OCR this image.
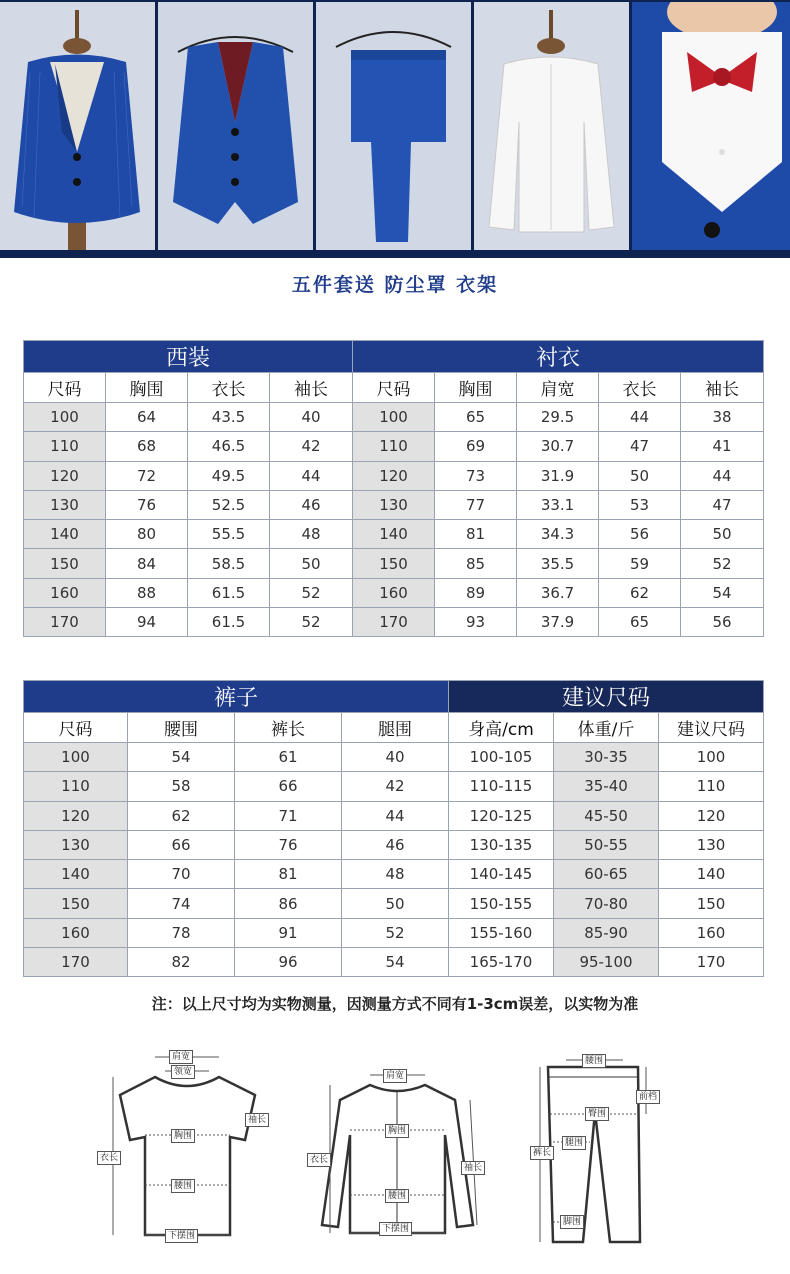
五件套送 防尘罩 衣架
西装				衬衣				
尺码	胸围	衣长	袖长	尺码	胸围	肩宽	衣长	袖长
100	64	43.5	40	100	65	29.5	44	38
110	68	46.5	42	110	69	30.7	47	41
120	72	49.5	44	120	73	31.9	50	44
130	76	52.5	46	130	77	33.1	53	47
140	80	55.5	48	140	81	34.3	56	50
150	84	58.5	50	150	85	35.5	59	52
160	88	61.5	52	160	89	36.7	62	54
170	94	61.5	52	170	93	37.9	65	56
裤子				建议尺码		
尺码	腰围	裤长	腿围	身高/cm	体重/斤	建议尺码
100	54	61	40	100-105	30-35	100
110	58	66	42	110-115	35-40	110
120	62	71	44	120-125	45-50	120
130	66	76	46	130-135	50-55	130
140	70	81	48	140-145	60-65	140
150	74	86	50	150-155	70-80	150
160	78	91	52	155-160	85-90	160
170	82	96	54	165-170	95-100	170
注：以上尺寸均为实物测量，因测量方式不同有1-3cm误差，以实物为准
肩宽
领宽
袖长
衣长
胸围
腰围
下摆围
肩宽
衣长
胸围
袖长
腰围
下摆围
腰围
前档
臀围
裤长
腿围
脚围
